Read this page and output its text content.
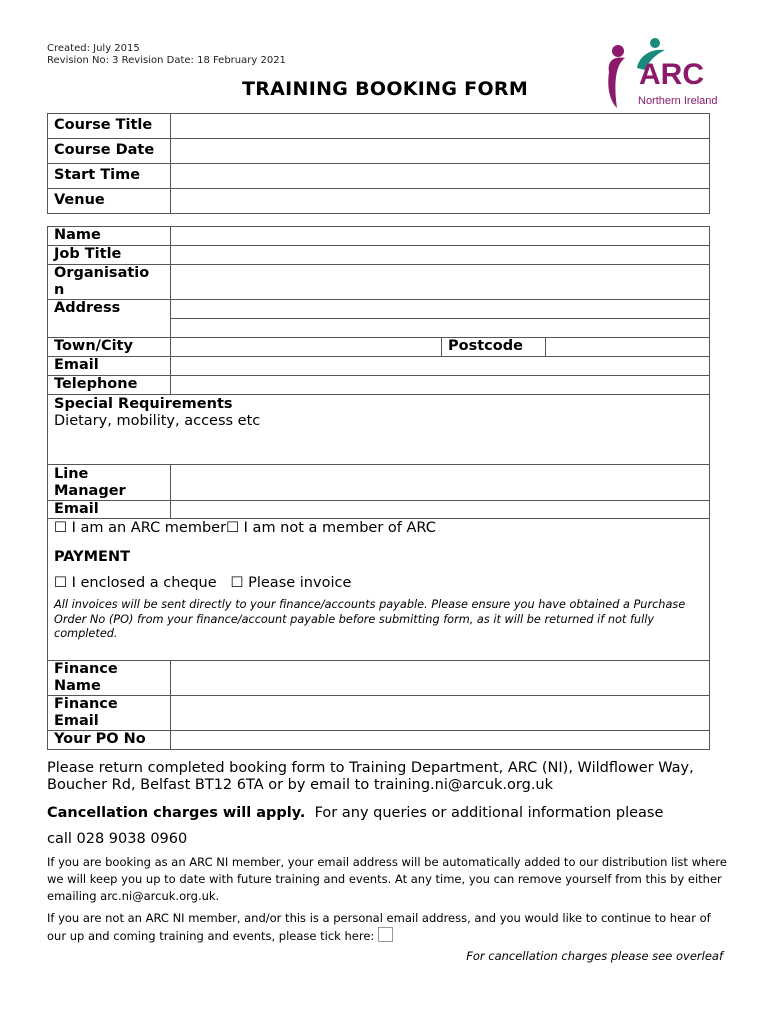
Created: July 2015
Revision No: 3 Revision Date: 18 February 2021
TRAINING BOOKING FORM	ARC
Northern Ireland
Course Title	
Course Date	
Start Time	
Venue	
Name			
Job Title			

Organisatio
n			

Address			

Town/City		Postcode	
Email			
Telephone			

Special Requirements
Dietary, mobility, access etc			

Line
Manager			

Email			

☐ I am an ARC member☐ I am not a member of ARC
PAYMENT
☐ I enclosed a cheque ☐ Please invoice
All invoices will be sent directly to your finance/accounts payable. Please ensure you have obtained a Purchase Order No (PO) from your finance/account payable before submitting form, as it will be returned if not fully completed.			

Finance
Name			

Finance
Email			

Your PO No			
Please return completed booking form to Training Department, ARC (NI), Wildflower Way, Boucher Rd, Belfast BT12 6TA or by email to training.ni@arcuk.org.uk
Cancellation charges will apply. For any queries or additional information please
call 028 9038 0960
If you are booking as an ARC NI member, your email address will be automatically added to our distribution list where we will keep you up to date with future training and events. At any time, you can remove yourself from this by either emailing arc.ni@arcuk.org.uk.
If you are not an ARC NI member, and/or this is a personal email address, and you would like to continue to hear of our up and coming training and events, please tick here:
For cancellation charges please see overleaf
